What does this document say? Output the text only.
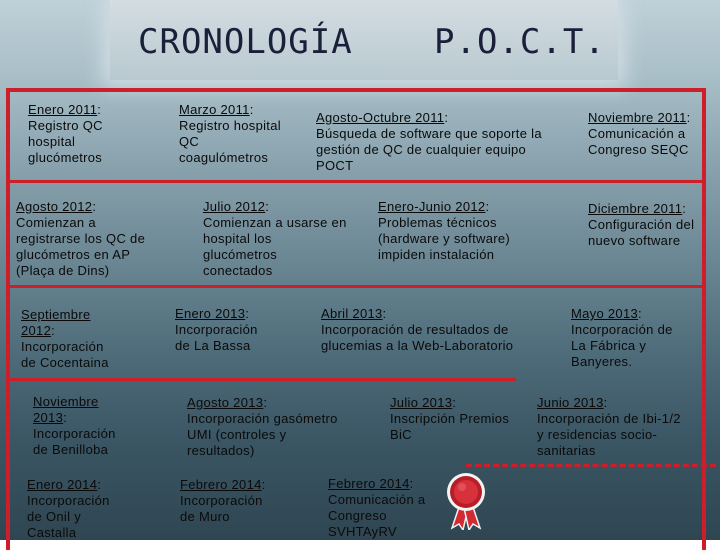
CRONOLOGÍA P.O.C.T.
Enero 2011:
Registro QC
hospital
glucómetros
Marzo 2011:
Registro hospital
QC
coagulómetros
Agosto-Octubre 2011:
Búsqueda de software que soporte la
gestión de QC de cualquier equipo
POCT
Noviembre 2011:
Comunicación a
Congreso SEQC
Agosto 2012:
Comienzan a
registrarse los QC de
glucómetros en AP
(Plaça de Dins)
Julio 2012:
Comienzan a usarse en
hospital los
glucómetros
conectados
Enero-Junio 2012:
Problemas técnicos
(hardware y software)
impiden instalación
Diciembre 2011:
Configuración del
nuevo software
Septiembre
2012:
Incorporación
de Cocentaina
Enero 2013:
Incorporación
de La Bassa
Abril 2013:
Incorporación de resultados de
glucemias a la Web-Laboratorio
Mayo 2013:
Incorporación de
La Fábrica y
Banyeres.
Noviembre
2013:
Incorporación
de Benilloba
Agosto 2013:
Incorporación gasómetro
UMI (controles y
resultados)
Julio 2013:
Inscripción Premios
BiC
Junio 2013:
Incorporación de Ibi-1/2
y residencias socio-
sanitarias
Enero 2014:
Incorporación
de Onil y
Castalla
Febrero 2014:
Incorporación
de Muro
Febrero 2014:
Comunicación a
Congreso
SVHTAyRV
